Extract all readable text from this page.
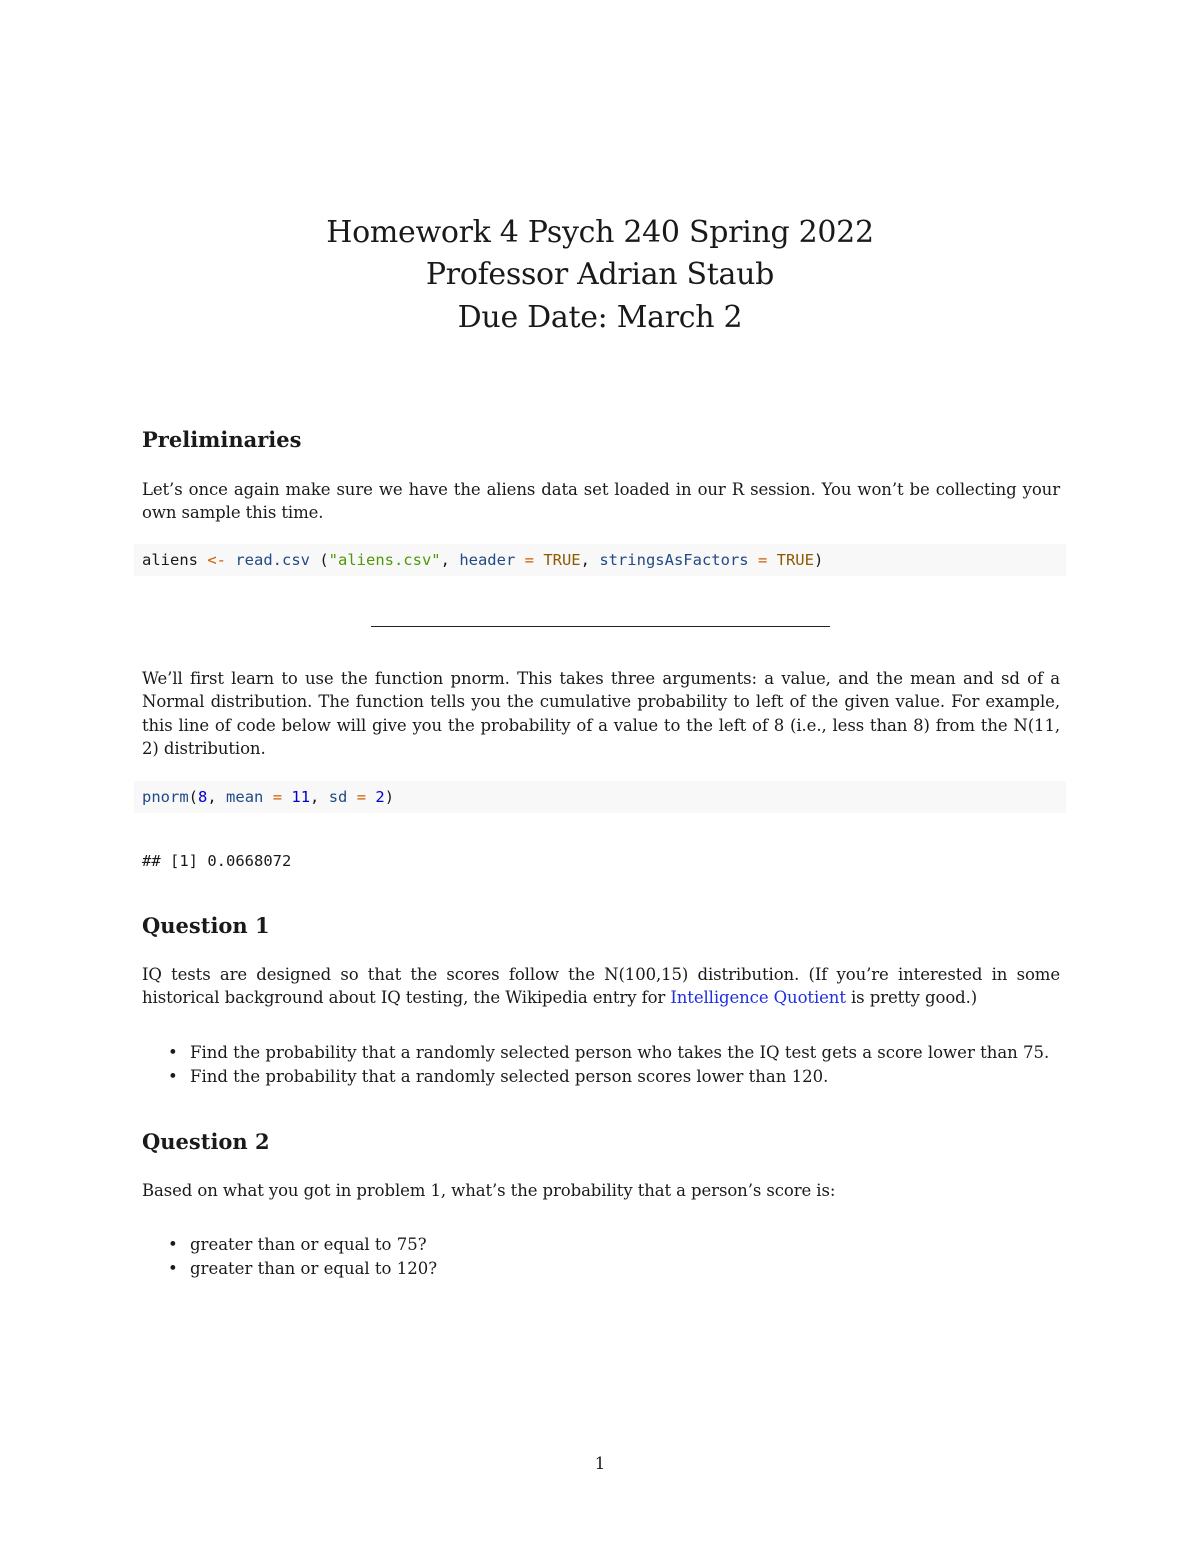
Homework 4 Psych 240 Spring 2022
Professor Adrian Staub
Due Date: March 2
Preliminaries
Let’s once again make sure we have the aliens data set loaded in our R session. You won’t be collecting your own sample this time.
aliens <- read.csv ("aliens.csv", header = TRUE, stringsAsFactors = TRUE)
We’ll first learn to use the function pnorm. This takes three arguments: a value, and the mean and sd of a Normal distribution. The function tells you the cumulative probability to left of the given value. For example, this line of code below will give you the probability of a value to the left of 8 (i.e., less than 8) from the N(11, 2) distribution.
pnorm(8, mean = 11, sd = 2)
## [1] 0.0668072
Question 1
IQ tests are designed so that the scores follow the N(100,15) distribution. (If you’re interested in some historical background about IQ testing, the Wikipedia entry for Intelligence Quotient is pretty good.)
• Find the probability that a randomly selected person who takes the IQ test gets a score lower than 75.
• Find the probability that a randomly selected person scores lower than 120.
Question 2
Based on what you got in problem 1, what’s the probability that a person’s score is:
• greater than or equal to 75?
• greater than or equal to 120?
1
